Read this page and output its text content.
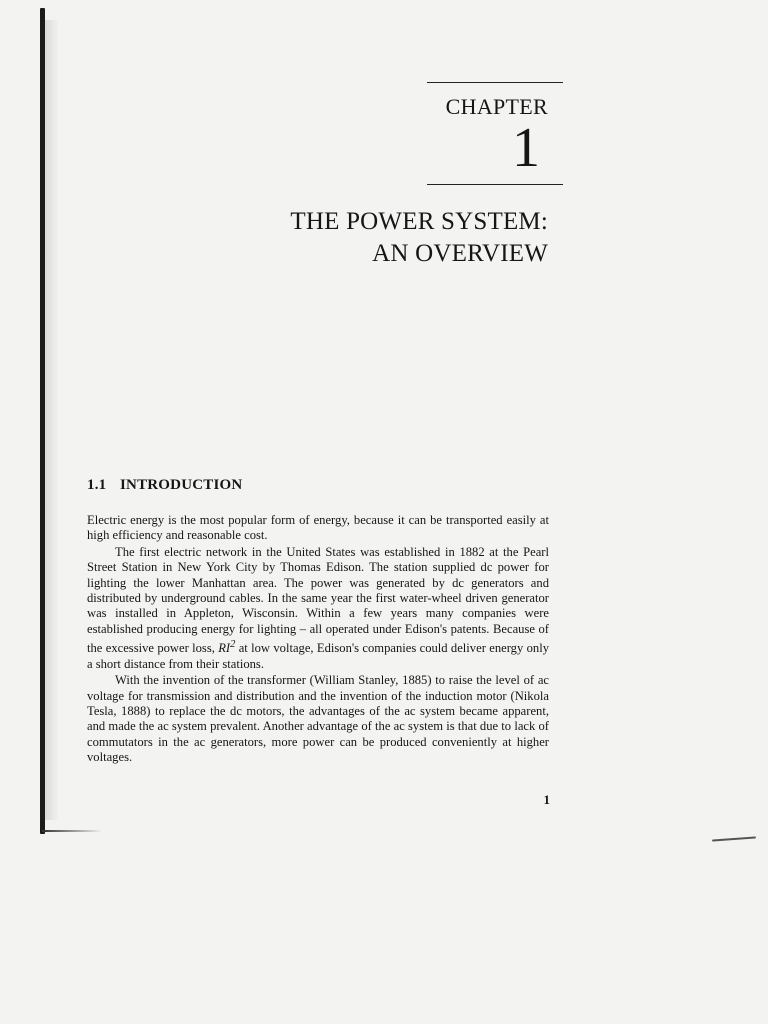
CHAPTER
1
THE POWER SYSTEM:
AN OVERVIEW
1.1 INTRODUCTION

Electric energy is the most popular form of energy, because it can be transported easily at high efficiency and reasonable cost.

The first electric network in the United States was established in 1882 at the Pearl Street Station in New York City by Thomas Edison. The station supplied dc power for lighting the lower Manhattan area. The power was generated by dc generators and distributed by underground cables. In the same year the first water-wheel driven generator was installed in Appleton, Wisconsin. Within a few years many companies were established producing energy for lighting – all operated under Edison's patents. Because of the excessive power loss, $RI^2$ at low voltage, Edison's companies could deliver energy only a short distance from their stations.

With the invention of the transformer (William Stanley, 1885) to raise the level of ac voltage for transmission and distribution and the invention of the induction motor (Nikola Tesla, 1888) to replace the dc motors, the advantages of the ac system became apparent, and made the ac system prevalent. Another advantage of the ac system is that due to lack of commutators in the ac generators, more power can be produced conveniently at higher voltages.

1
